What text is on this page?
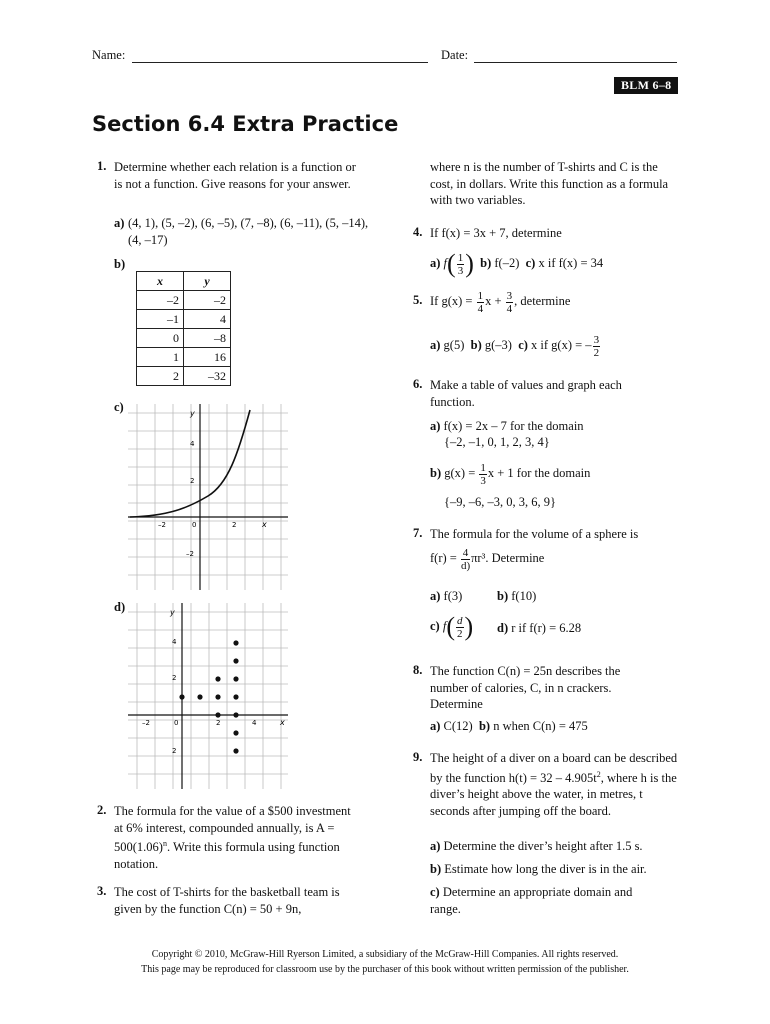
Name:	Date:
BLM 6–8
Section 6.4 Extra Practice
1. Determine whether each relation is a function or is not a function. Give reasons for your answer.
a) (4, 1), (5, –2), (6, –5), (7, –8), (6, –11), (5, –14), (4, –17)
b)
x	y
–2	–2
–1	4
0	–8
1	16
2	–32
c)	y
x
4
2
–2
2
–2	0
d)	y
x
4
2
2
2	4
–2	0
2. The formula for the value of a $500 investment at 6% interest, compounded annually, is $A = 500(1.06)^n$. Write this formula using function notation.
3. The cost of T-shirts for the basketball team is given by the function C(n) = 50 + 9n,
where n is the number of T-shirts and C is the cost, in dollars. Write this function as a formula with two variables.
4. If f(x) = 3x + 7, determine
a) $f( \frac{1}{3}$ ) b) f(–2) c) x if f(x) = 34
5. If $g(x) = \frac{1}{4}$ $x + \frac{3}{4}$ , determine
a) g(5) b) g(–3) c) x if g(x) = – $\frac{3}{2}$
6. Make a table of values and graph each function.
a) f(x) = 2x – 7 for the domain
{–2, –1, 0, 1, 2, 3, 4}
b) $g(x) = \frac{1}{3}$ x + 1 for the domain
{–9, –6, –3, 0, 3, 6, 9}
7. The formula for the volume of a sphere is
$f(r) = \frac{4}{d)} \pi r^3$. Determine
a) f(3)	b) f(10)
c) $f( \frac{d}{2}$ ) d) r if f(r) = 6.28
8. The function C(n) = 25n describes the number of calories, C, in n crackers. Determine
a) C(12) b) n when C(n) = 475
9. The height of a diver on a board can be described by the function $h(t) = 32 - 4.905t^2$, where h is the diver’s height above the water, in metres, t seconds after jumping off the board.
a) Determine the diver’s height after 1.5 s.
b) Estimate how long the diver is in the air.
c) Determine an appropriate domain and range.
Copyright © 2010, McGraw-Hill Ryerson Limited, a subsidiary of the McGraw-Hill Companies. All rights reserved.
This page may be reproduced for classroom use by the purchaser of this book without written permission of the publisher.
